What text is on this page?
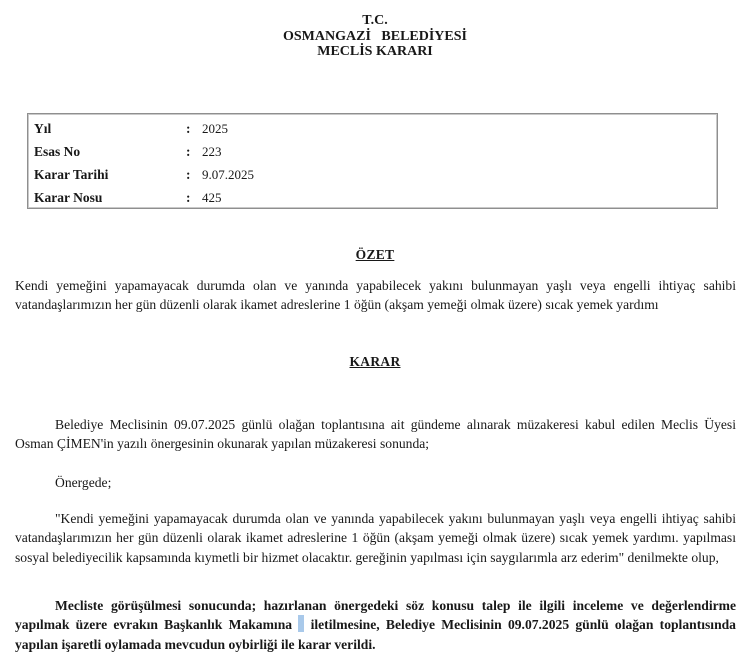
T.C.
OSMANGAZİ   BELEDİYESİ
MECLİS KARARI
Yıl	: 2025
Esas No	: 223
Karar Tarihi	: 9.07.2025
Karar Nosu	: 425
ÖZET
Kendi yemeğini yapamayacak durumda olan ve yanında yapabilecek yakını bulunmayan yaşlı veya engelli ihtiyaç sahibi vatandaşlarımızın her gün düzenli olarak ikamet adreslerine 1 öğün (akşam yemeği olmak üzere) sıcak yemek yardımı
KARAR
Belediye Meclisinin 09.07.2025 günlü olağan toplantısına ait gündeme alınarak müzakeresi kabul edilen Meclis Üyesi Osman ÇİMEN'in yazılı önergesinin okunarak yapılan müzakeresi sonunda;
Önergede;
"Kendi yemeğini yapamayacak durumda olan ve yanında yapabilecek yakını bulunmayan yaşlı veya engelli ihtiyaç sahibi vatandaşlarımızın her gün düzenli olarak ikamet adreslerine 1 öğün (akşam yemeği olmak üzere) sıcak yemek yardımı. yapılması sosyal belediyecilik kapsamında kıymetli bir hizmet olacaktır. gereğinin yapılması için saygılarımla arz ederim" denilmekte olup,
Mecliste görüşülmesi sonucunda; hazırlanan önergedeki söz konusu talep ile ilgili inceleme ve değerlendirme yapılmak üzere evrakın Başkanlık Makamına iletilmesine, Belediye Meclisinin 09.07.2025 günlü olağan toplantısında yapılan işaretli oylamada mevcudun oybirliği ile karar verildi.
